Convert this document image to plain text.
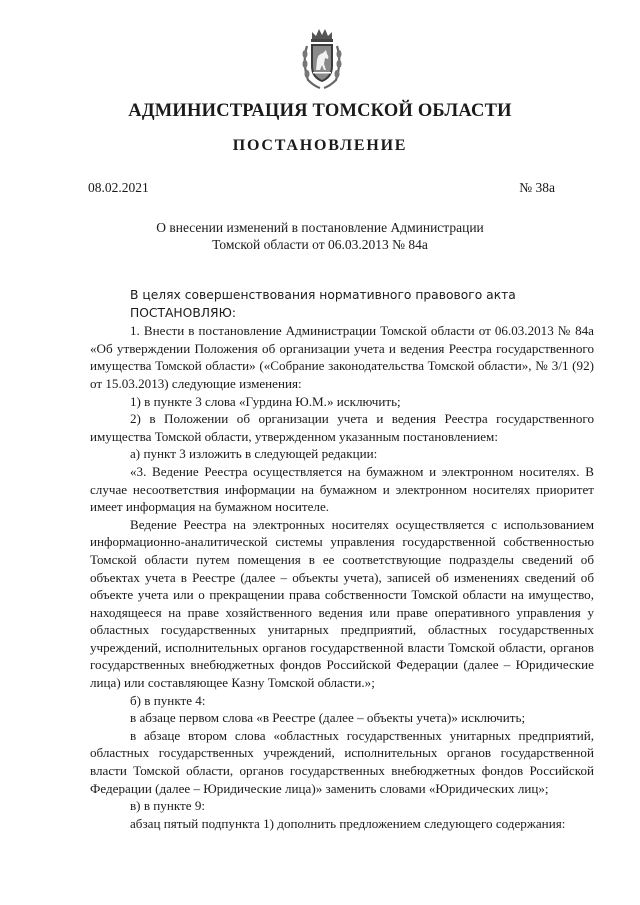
АДМИНИСТРАЦИЯ ТОМСКОЙ ОБЛАСТИ
ПОСТАНОВЛЕНИЕ
08.02.2021	№ 38а
О внесении изменений в постановление Администрации
Томской области от 06.03.2013 № 84а

В целях совершенствования нормативного правового акта

ПОСТАНОВЛЯЮ:

1. Внести в постановление Администрации Томской области от 06.03.2013 № 84а «Об утверждении Положения об организации учета и ведения Реестра государственного имущества Томской области» («Собрание законодательства Томской области», № 3/1 (92) от 15.03.2013) следующие изменения:

1) в пункте 3 слова «Гурдина Ю.М.» исключить;

2) в Положении об организации учета и ведения Реестра государственного имущества Томской области, утвержденном указанным постановлением:

а) пункт 3 изложить в следующей редакции:

«3. Ведение Реестра осуществляется на бумажном и электронном носителях. В случае несоответствия информации на бумажном и электронном носителях приоритет имеет информация на бумажном носителе.

Ведение Реестра на электронных носителях осуществляется с использованием информационно-аналитической системы управления государственной собственностью Томской области путем помещения в ее соответствующие подразделы сведений об объектах учета в Реестре (далее – объекты учета), записей об изменениях сведений об объекте учета или о прекращении права собственности Томской области на имущество, находящееся на праве хозяйственного ведения или праве оперативного управления у областных государственных унитарных предприятий, областных государственных учреждений, исполнительных органов государственной власти Томской области, органов государственных внебюджетных фондов Российской Федерации (далее – Юридические лица) или составляющее Казну Томской области.»;

б) в пункте 4:

в абзаце первом слова «в Реестре (далее – объекты учета)» исключить;

в абзаце втором слова «областных государственных унитарных предприятий, областных государственных учреждений, исполнительных органов государственной власти Томской области, органов государственных внебюджетных фондов Российской Федерации (далее – Юридические лица)» заменить словами «Юридических лиц»;

в) в пункте 9:

абзац пятый подпункта 1) дополнить предложением следующего содержания:
